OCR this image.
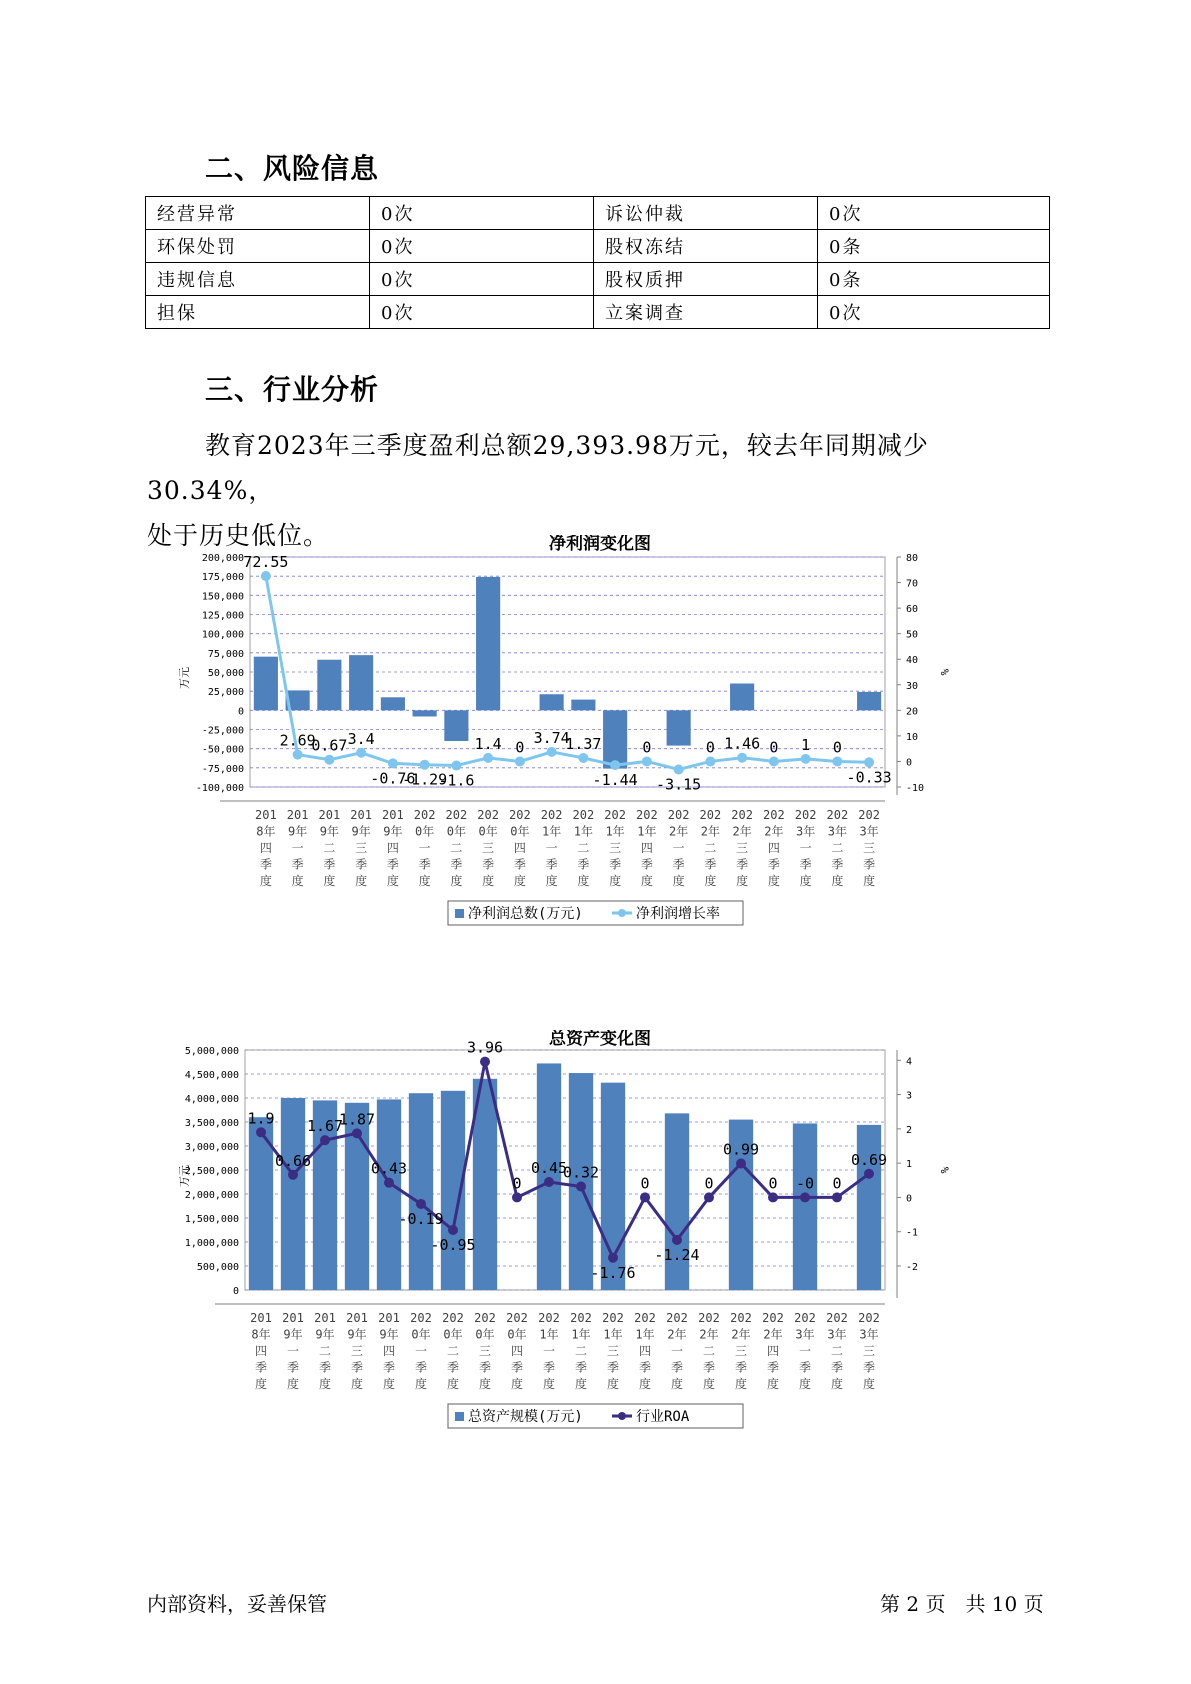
二、风险信息
经营异常	0次	诉讼仲裁	0次
环保处罚	0次	股权冻结	0条
违规信息	0次	股权质押	0条
担保	0次	立案调查	0次
三、行业分析
教育2023年三季度盈利总额29,393.98万元，较去年同期减少30.34%，
处于历史低位。	净利润变化图
200,000
175,000
150,000
125,000
100,000
75,000
50,000
25,000
0
-25,000
-50,000
-75,000
-100,000
80
70
60
50
40
30
20
10
0
-10
万元	%
72.55
2.69
0.67 3.4
-0.76
-1.29
-1.6
1.4 0
3.74
1.37
-1.44
0
-3.15
0 1.46 0 1 0
-0.33
201 8年四季度
201 9年一季度
201 9年二季度
201 9年三季度
201 9年四季度
202 0年一季度
202 0年二季度
202 0年三季度
202 0年四季度
202 1年一季度
202 1年二季度
202 1年三季度
202 1年四季度
202 2年一季度
202 2年二季度
202 2年三季度
202 2年四季度
202 3年一季度
202 3年二季度
202 3年三季度
净利润总数(万元)	净利润增长率
总资产变化图
5,000,000
4,500,000
4,000,000
3,500,000
3,000,000
2,500,000
2,000,000
1,500,000
1,000,000
500,000
0
4
3
2
1
0
-1
-2
万元	%
1.9
0.66
1.67
1.87
0.43
-0.19
-0.95
3.96
0
0.45
0.32
-1.76
0
-1.24
0
0.99
0 -0 0
0.69
201 8年四季度
201 9年一季度
201 9年二季度
201 9年三季度
201 9年四季度
202 0年一季度
202 0年二季度
202 0年三季度
202 0年四季度
202 1年一季度
202 1年二季度
202 1年三季度
202 1年四季度
202 2年一季度
202 2年二季度
202 2年三季度
202 2年四季度
202 3年一季度
202 3年二季度
202 3年三季度
总资产规模(万元)	行业ROA
内部资料，妥善保管	第 2 页　共 10 页
